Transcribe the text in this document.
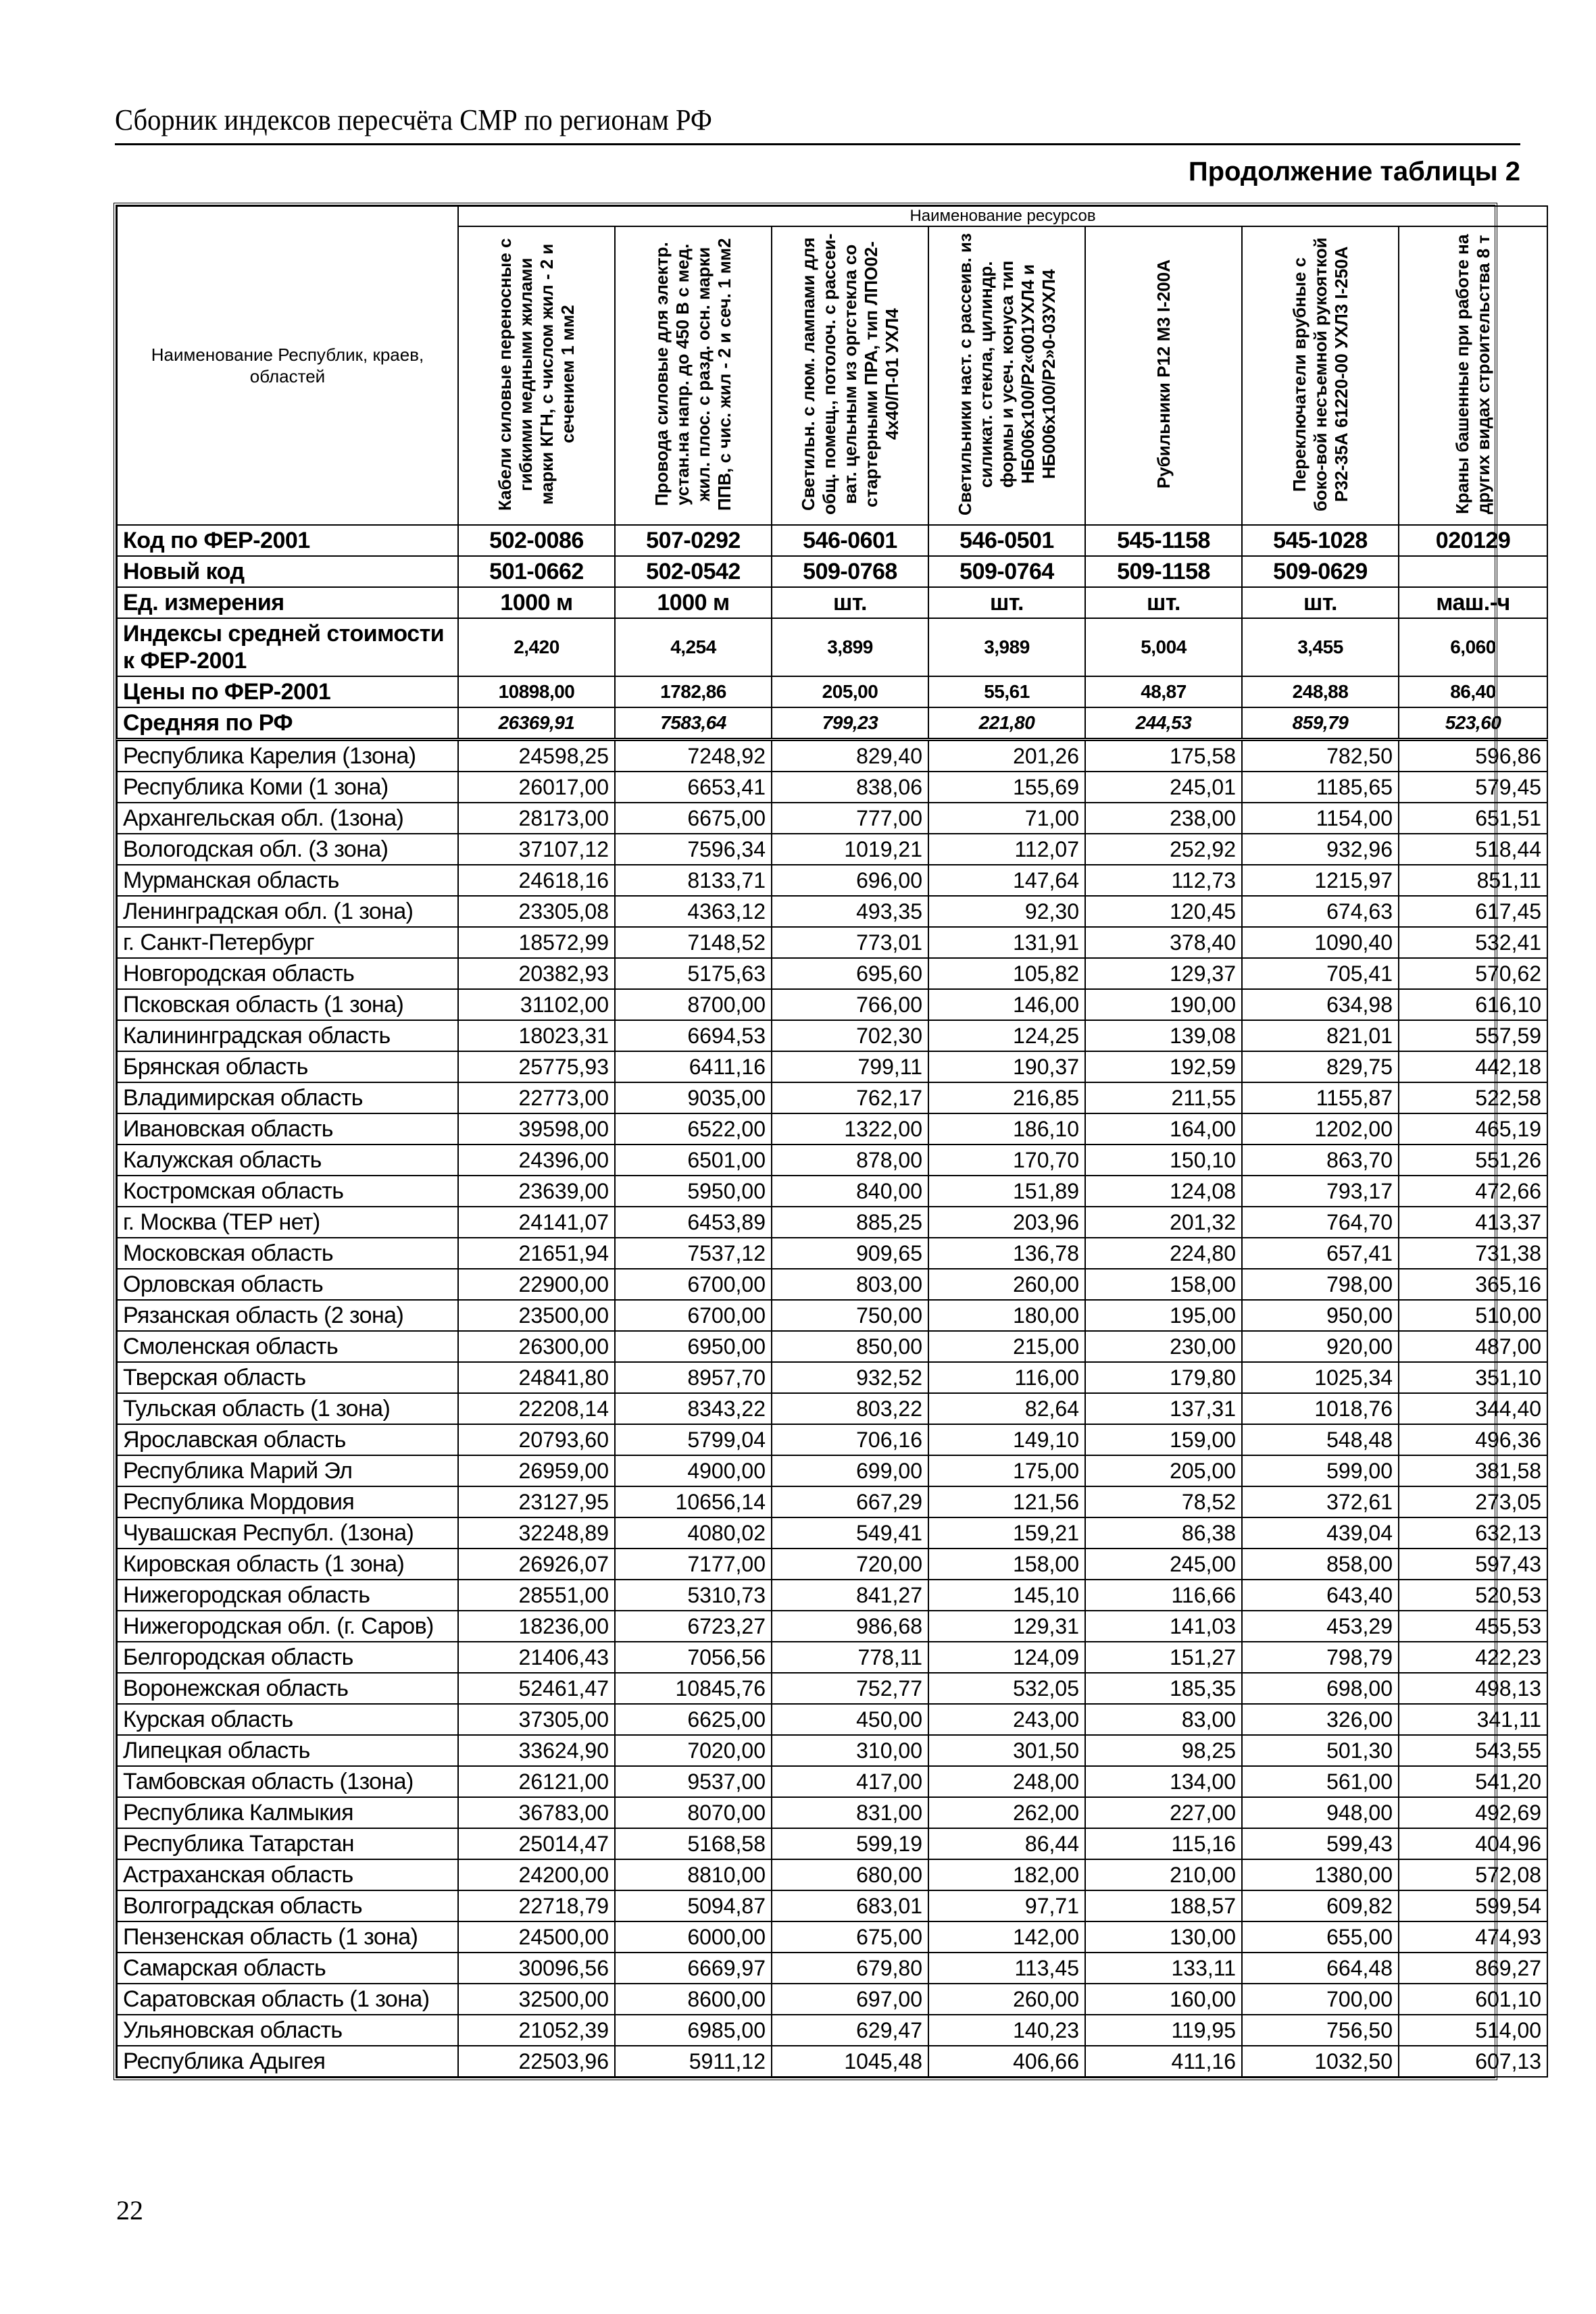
Сборник индексов пересчёта СМР по регионам РФ
Продолжение таблицы 2
Наименование Республик, краев, областей	Наименование ресурсов						
	Кабели силовые переносные с гибкими медными жилами марки КГН, с числом жил - 2 и сечением 1 мм2	Провода силовые для электр. устан.на напр. до 450 В с мед. жил. плос. с разд. осн. марки ППВ, с чис. жил - 2 и сеч. 1 мм2	Светильн. с люм. лампами для общ. помещ., потолоч. с рассеи-ват. цельным из оргстекла со стартерными ПРА, тип ЛПО02-4х40/П-01 УХЛ4	Светильники наст. с рассеив. из силикат. стекла, цилиндр. формы и усеч. конуса тип НБ006х100/Р2«001УХЛ4 и НБ006х100/Р2»0-03УХЛ4	Рубильники Р12 М3 I-200А	Переключатели врубные с боко-вой несъемной рукояткой Р32-35А 61220-00 УХЛ3 I-250А	Краны башенные при работе на других видах строительства 8 т
Код по ФЕР-2001	502-0086	507-0292	546-0601	546-0501	545-1158	545-1028	020129
Новый код	501-0662	502-0542	509-0768	509-0764	509-1158	509-0629	
Ед. измерения	1000 м	1000 м	шт.	шт.	шт.	шт.	маш.-ч
Индексы средней стоимости к ФЕР-2001	2,420	4,254	3,899	3,989	5,004	3,455	6,060
Цены по ФЕР-2001	10898,00	1782,86	205,00	55,61	48,87	248,88	86,40
Средняя по РФ	26369,91	7583,64	799,23	221,80	244,53	859,79	523,60
Республика Карелия (1зона)	24598,25	7248,92	829,40	201,26	175,58	782,50	596,86
Республика Коми (1 зона)	26017,00	6653,41	838,06	155,69	245,01	1185,65	579,45
Архангельская обл. (1зона)	28173,00	6675,00	777,00	71,00	238,00	1154,00	651,51
Вологодская обл. (3 зона)	37107,12	7596,34	1019,21	112,07	252,92	932,96	518,44
Мурманская область	24618,16	8133,71	696,00	147,64	112,73	1215,97	851,11
Ленинградская обл. (1 зона)	23305,08	4363,12	493,35	92,30	120,45	674,63	617,45
г. Санкт-Петербург	18572,99	7148,52	773,01	131,91	378,40	1090,40	532,41
Новгородская область	20382,93	5175,63	695,60	105,82	129,37	705,41	570,62
Псковская область (1 зона)	31102,00	8700,00	766,00	146,00	190,00	634,98	616,10
Калининградская область	18023,31	6694,53	702,30	124,25	139,08	821,01	557,59
Брянская область	25775,93	6411,16	799,11	190,37	192,59	829,75	442,18
Владимирская область	22773,00	9035,00	762,17	216,85	211,55	1155,87	522,58
Ивановская область	39598,00	6522,00	1322,00	186,10	164,00	1202,00	465,19
Калужская область	24396,00	6501,00	878,00	170,70	150,10	863,70	551,26
Костромская область	23639,00	5950,00	840,00	151,89	124,08	793,17	472,66
г. Москва (ТЕР нет)	24141,07	6453,89	885,25	203,96	201,32	764,70	413,37
Московская область	21651,94	7537,12	909,65	136,78	224,80	657,41	731,38
Орловская область	22900,00	6700,00	803,00	260,00	158,00	798,00	365,16
Рязанская область (2 зона)	23500,00	6700,00	750,00	180,00	195,00	950,00	510,00
Смоленская область	26300,00	6950,00	850,00	215,00	230,00	920,00	487,00
Тверская область	24841,80	8957,70	932,52	116,00	179,80	1025,34	351,10
Тульская область (1 зона)	22208,14	8343,22	803,22	82,64	137,31	1018,76	344,40
Ярославская область	20793,60	5799,04	706,16	149,10	159,00	548,48	496,36
Республика Марий Эл	26959,00	4900,00	699,00	175,00	205,00	599,00	381,58
Республика Мордовия	23127,95	10656,14	667,29	121,56	78,52	372,61	273,05
Чувашская Республ. (1зона)	32248,89	4080,02	549,41	159,21	86,38	439,04	632,13
Кировская область (1 зона)	26926,07	7177,00	720,00	158,00	245,00	858,00	597,43
Нижегородская область	28551,00	5310,73	841,27	145,10	116,66	643,40	520,53
Нижегородская обл. (г. Саров)	18236,00	6723,27	986,68	129,31	141,03	453,29	455,53
Белгородская область	21406,43	7056,56	778,11	124,09	151,27	798,79	422,23
Воронежская область	52461,47	10845,76	752,77	532,05	185,35	698,00	498,13
Курская область	37305,00	6625,00	450,00	243,00	83,00	326,00	341,11
Липецкая область	33624,90	7020,00	310,00	301,50	98,25	501,30	543,55
Тамбовская область (1зона)	26121,00	9537,00	417,00	248,00	134,00	561,00	541,20
Республика Калмыкия	36783,00	8070,00	831,00	262,00	227,00	948,00	492,69
Республика Татарстан	25014,47	5168,58	599,19	86,44	115,16	599,43	404,96
Астраханская область	24200,00	8810,00	680,00	182,00	210,00	1380,00	572,08
Волгоградская область	22718,79	5094,87	683,01	97,71	188,57	609,82	599,54
Пензенская область (1 зона)	24500,00	6000,00	675,00	142,00	130,00	655,00	474,93
Самарская область	30096,56	6669,97	679,80	113,45	133,11	664,48	869,27
Саратовская область (1 зона)	32500,00	8600,00	697,00	260,00	160,00	700,00	601,10
Ульяновская область	21052,39	6985,00	629,47	140,23	119,95	756,50	514,00
Республика Адыгея	22503,96	5911,12	1045,48	406,66	411,16	1032,50	607,13
22
